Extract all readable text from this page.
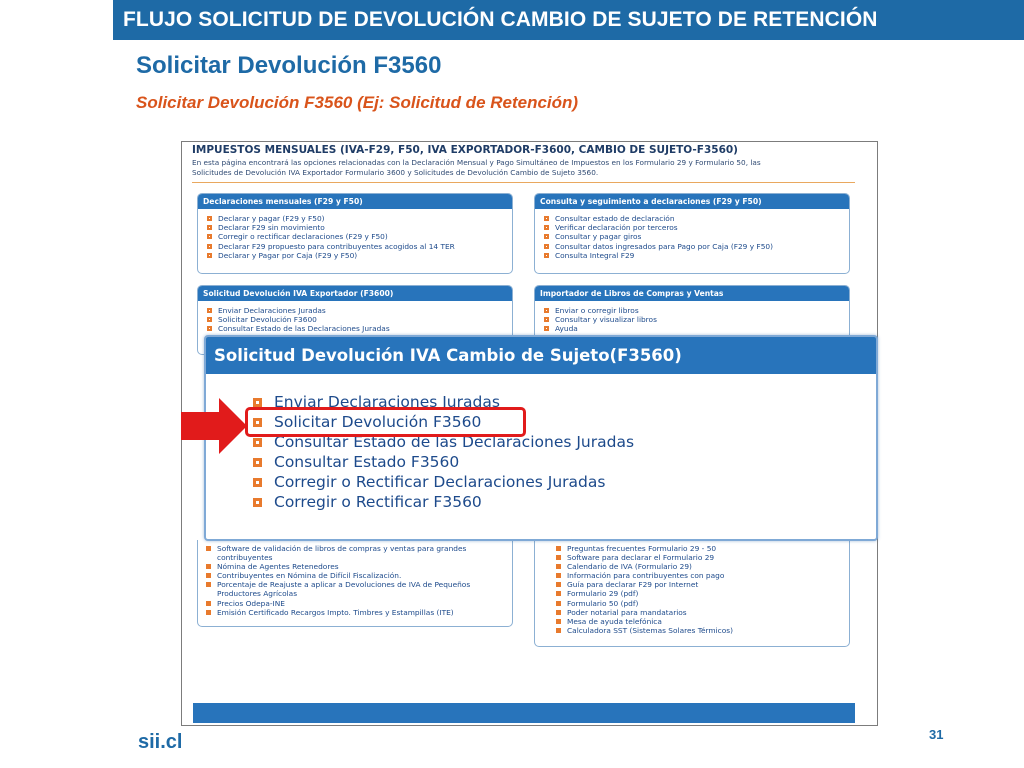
FLUJO SOLICITUD DE DEVOLUCIÓN CAMBIO DE SUJETO DE RETENCIÓN
Solicitar Devolución F3560
Solicitar Devolución F3560 (Ej: Solicitud de Retención)
IMPUESTOS MENSUALES (IVA-F29, F50, IVA EXPORTADOR-F3600, CAMBIO DE SUJETO-F3560)
En esta página encontrará las opciones relacionadas con la Declaración Mensual y Pago Simultáneo de Impuestos en los Formulario 29 y Formulario 50, las
Solicitudes de Devolución IVA Exportador Formulario 3600 y Solicitudes de Devolución Cambio de Sujeto 3560.
Declaraciones mensuales (F29 y F50)
Declarar y pagar (F29 y F50)
Declarar F29 sin movimiento
Corregir o rectificar declaraciones (F29 y F50)
Declarar F29 propuesto para contribuyentes acogidos al 14 TER
Declarar y Pagar por Caja (F29 y F50)
Consulta y seguimiento a declaraciones (F29 y F50)
Consultar estado de declaración
Verificar declaración por terceros
Consultar y pagar giros
Consultar datos ingresados para Pago por Caja (F29 y F50)
Consulta Integral F29
Solicitud Devolución IVA Exportador (F3600)
Enviar Declaraciones Juradas
Solicitar Devolución F3600
Consultar Estado de las Declaraciones Juradas
Importador de Libros de Compras y Ventas
Enviar o corregir libros
Consultar y visualizar libros
Ayuda
Software de validación de libros de compras y ventas para grandes
contribuyentes
Nómina de Agentes Retenedores
Contribuyentes en Nómina de Difícil Fiscalización.
Porcentaje de Reajuste a aplicar a Devoluciones de IVA de Pequeños
Productores Agrícolas
Precios Odepa-INE
Emisión Certificado Recargos Impto. Timbres y Estampillas (ITE)
Preguntas frecuentes Formulario 29 - 50
Software para declarar el Formulario 29
Calendario de IVA (Formulario 29)
Información para contribuyentes con pago
Guía para declarar F29 por Internet
Formulario 29 (pdf)
Formulario 50 (pdf)
Poder notarial para mandatarios
Mesa de ayuda telefónica
Calculadora SST (Sistemas Solares Térmicos)
Solicitud Devolución IVA Cambio de Sujeto(F3560)
Enviar Declaraciones Juradas
Solicitar Devolución F3560
Consultar Estado de las Declaraciones Juradas
Consultar Estado F3560
Corregir o Rectificar Declaraciones Juradas
Corregir o Rectificar F3560
sii.cl	31
